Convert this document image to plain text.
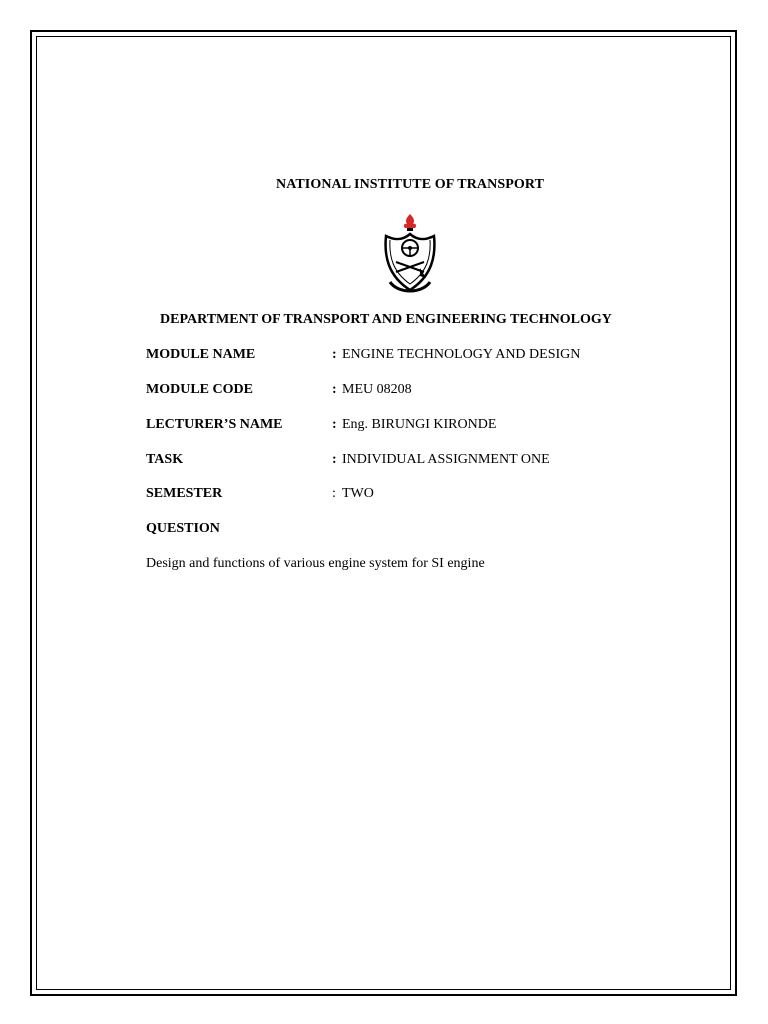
NATIONAL INSTITUTE OF TRANSPORT
DEPARTMENT OF TRANSPORT AND ENGINEERING TECHNOLOGY
MODULE NAME	: ENGINE TECHNOLOGY AND DESIGN
MODULE CODE	: MEU 08208
LECTURER’S NAME	: Eng. BIRUNGI KIRONDE
TASK	: INDIVIDUAL ASSIGNMENT ONE
SEMESTER	: TWO
QUESTION
Design and functions of various engine system for SI engine
